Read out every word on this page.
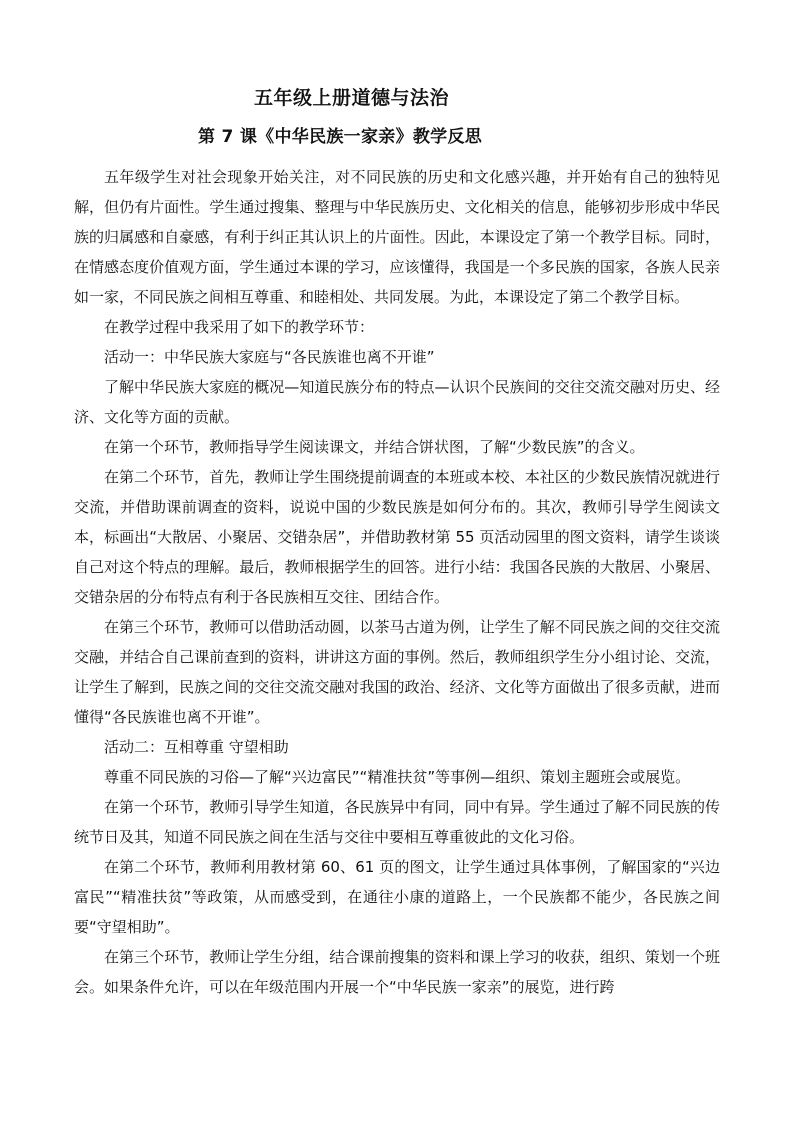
五年级上册道德与法治
第 7 课《中华民族一家亲》教学反思

五年级学生对社会现象开始关注，对不同民族的历史和文化感兴趣，并开始有自己的独特见解，但仍有片面性。学生通过搜集、整理与中华民族历史、文化相关的信息，能够初步形成中华民族的归属感和自豪感，有利于纠正其认识上的片面性。因此，本课设定了第一个教学目标。同时，在情感态度价值观方面，学生通过本课的学习，应该懂得，我国是一个多民族的国家，各族人民亲如一家，不同民族之间相互尊重、和睦相处、共同发展。为此，本课设定了第二个教学目标。

在教学过程中我采用了如下的教学环节：

活动一：中华民族大家庭与“各民族谁也离不开谁”

了解中华民族大家庭的概况—知道民族分布的特点—认识个民族间的交往交流交融对历史、经济、文化等方面的贡献。

在第一个环节，教师指导学生阅读课文，并结合饼状图，了解“少数民族”的含义。

在第二个环节，首先，教师让学生围绕提前调查的本班或本校、本社区的少数民族情况就进行交流，并借助课前调查的资料，说说中国的少数民族是如何分布的。其次，教师引导学生阅读文本，标画出“大散居、小聚居、交错杂居”，并借助教材第 55 页活动园里的图文资料，请学生谈谈自己对这个特点的理解。最后，教师根据学生的回答。进行小结：我国各民族的大散居、小聚居、交错杂居的分布特点有利于各民族相互交往、团结合作。

在第三个环节，教师可以借助活动圆，以茶马古道为例，让学生了解不同民族之间的交往交流交融，并结合自己课前查到的资料，讲讲这方面的事例。然后，教师组织学生分小组讨论、交流，让学生了解到，民族之间的交往交流交融对我国的政治、经济、文化等方面做出了很多贡献，进而懂得“各民族谁也离不开谁”。

活动二：互相尊重 守望相助

尊重不同民族的习俗—了解“兴边富民”“精准扶贫”等事例—组织、策划主题班会或展览。

在第一个环节，教师引导学生知道，各民族异中有同，同中有异。学生通过了解不同民族的传统节日及其，知道不同民族之间在生活与交往中要相互尊重彼此的文化习俗。

在第二个环节，教师利用教材第 60、61 页的图文，让学生通过具体事例，了解国家的“兴边富民”“精准扶贫”等政策，从而感受到，在通往小康的道路上，一个民族都不能少，各民族之间要“守望相助”。

在第三个环节，教师让学生分组，结合课前搜集的资料和课上学习的收获，组织、策划一个班会。如果条件允许，可以在年级范围内开展一个“中华民族一家亲”的展览，进行跨
